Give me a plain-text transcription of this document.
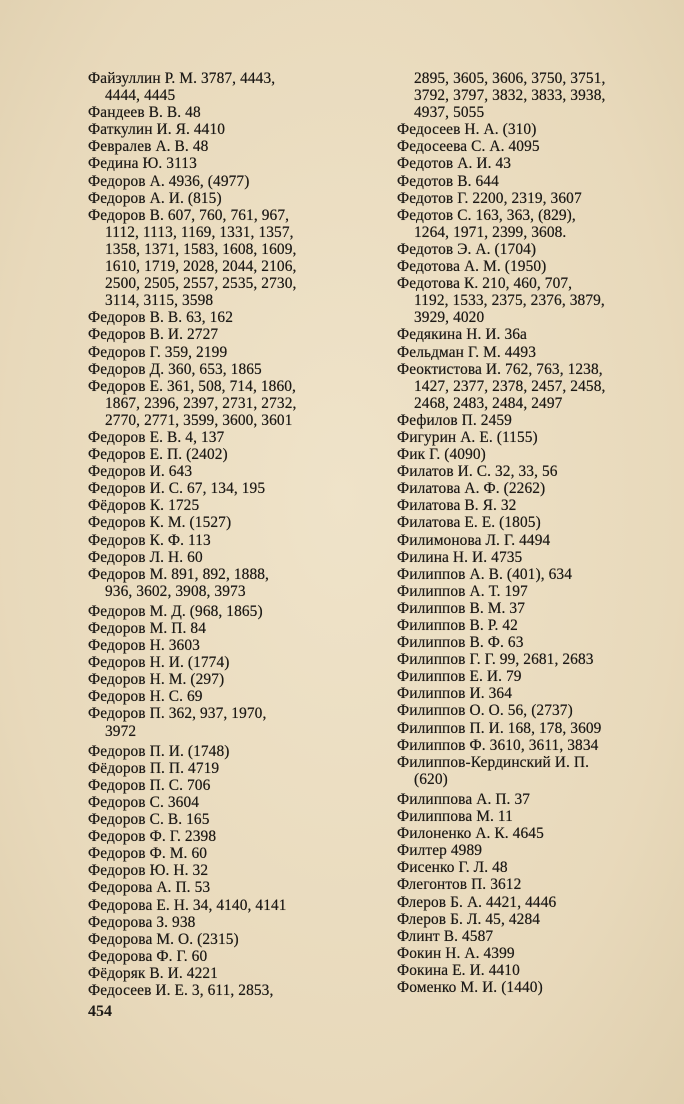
Файзуллин Р. М. 3787, 4443,
4444, 4445
Фандеев В. В. 48
Фаткулин И. Я. 4410
Февралев А. В. 48
Федина Ю. 3113
Федоров А. 4936, (4977)
Федоров А. И. (815)
Федоров В. 607, 760, 761, 967,
1112, 1113, 1169, 1331, 1357,
1358, 1371, 1583, 1608, 1609,
1610, 1719, 2028, 2044, 2106,
2500, 2505, 2557, 2535, 2730,
3114, 3115, 3598
Федоров В. В. 63, 162
Федоров В. И. 2727
Федоров Г. 359, 2199
Федоров Д. 360, 653, 1865
Федоров Е. 361, 508, 714, 1860,
1867, 2396, 2397, 2731, 2732,
2770, 2771, 3599, 3600, 3601
Федоров Е. В. 4, 137
Федоров Е. П. (2402)
Федоров И. 643
Федоров И. С. 67, 134, 195
Фёдоров К. 1725
Федоров К. М. (1527)
Федоров К. Ф. 113
Федоров Л. Н. 60
Федоров М. 891, 892, 1888,
936, 3602, 3908, 3973
Федоров М. Д. (968, 1865)
Федоров М. П. 84
Федоров Н. 3603
Федоров Н. И. (1774)
Федоров Н. М. (297)
Федоров Н. С. 69
Федоров П. 362, 937, 1970,
3972
Федоров П. И. (1748)
Фёдоров П. П. 4719
Федоров П. С. 706
Федоров С. 3604
Федоров С. В. 165
Федоров Ф. Г. 2398
Федоров Ф. М. 60
Федоров Ю. Н. 32
Федорова А. П. 53
Федорова Е. Н. 34, 4140, 4141
Федорова З. 938
Федорова М. О. (2315)
Федорова Ф. Г. 60
Фёдоряк В. И. 4221
Федосеев И. Е. 3, 611, 2853,
2895, 3605, 3606, 3750, 3751,
3792, 3797, 3832, 3833, 3938,
4937, 5055
Федосеев Н. А. (310)
Федосеева С. А. 4095
Федотов А. И. 43
Федотов В. 644
Федотов Г. 2200, 2319, 3607
Федотов С. 163, 363, (829),
1264, 1971, 2399, 3608.
Федотов Э. А. (1704)
Федотова А. М. (1950)
Федотова К. 210, 460, 707,
1192, 1533, 2375, 2376, 3879,
3929, 4020
Федякина Н. И. 36а
Фельдман Г. М. 4493
Феоктистова И. 762, 763, 1238,
1427, 2377, 2378, 2457, 2458,
2468, 2483, 2484, 2497
Фефилов П. 2459
Фигурин А. Е. (1155)
Фик Г. (4090)
Филатов И. С. 32, 33, 56
Филатова А. Ф. (2262)
Филатова В. Я. 32
Филатова Е. Е. (1805)
Филимонова Л. Г. 4494
Филина Н. И. 4735
Филиппов А. В. (401), 634
Филиппов А. Т. 197
Филиппов В. М. 37
Филиппов В. Р. 42
Филиппов В. Ф. 63
Филиппов Г. Г. 99, 2681, 2683
Филиппов Е. И. 79
Филиппов И. 364
Филиппов О. О. 56, (2737)
Филиппов П. И. 168, 178, 3609
Филиппов Ф. 3610, 3611, 3834
Филиппов-Кердинский И. П.
(620)
Филиппова А. П. 37
Филиппова М. 11
Филоненко А. К. 4645
Филтер 4989
Фисенко Г. Л. 48
Флегонтов П. 3612
Флеров Б. А. 4421, 4446
Флеров Б. Л. 45, 4284
Флинт В. 4587
Фокин Н. А. 4399
Фокина Е. И. 4410
Фоменко М. И. (1440)
454
